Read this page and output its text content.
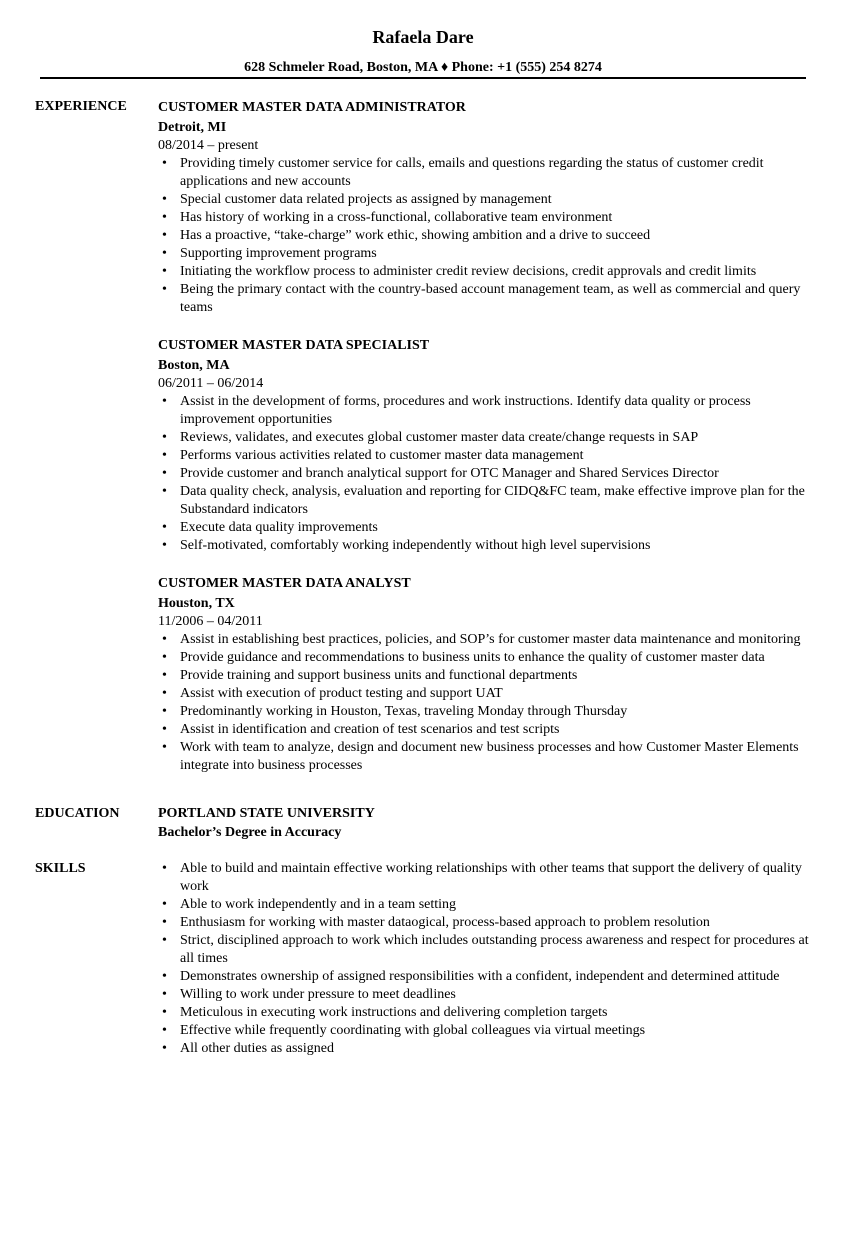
Rafaela Dare
628 Schmeler Road, Boston, MA ♦ Phone: +1 (555) 254 8274
EXPERIENCE	CUSTOMER MASTER DATA ADMINISTRATOR
Detroit, MI
08/2014 – present
• Providing timely customer service for calls, emails and questions regarding the status of customer credit applications and new accounts
• Special customer data related projects as assigned by management
• Has history of working in a cross-functional, collaborative team environment
• Has a proactive, “take-charge” work ethic, showing ambition and a drive to succeed
• Supporting improvement programs
• Initiating the workflow process to administer credit review decisions, credit approvals and credit limits
• Being the primary contact with the country-based account management team, as well as commercial and query teams
CUSTOMER MASTER DATA SPECIALIST
Boston, MA
06/2011 – 06/2014
• Assist in the development of forms, procedures and work instructions. Identify data quality or process improvement opportunities
• Reviews, validates, and executes global customer master data create/change requests in SAP
• Performs various activities related to customer master data management
• Provide customer and branch analytical support for OTC Manager and Shared Services Director
• Data quality check, analysis, evaluation and reporting for CIDQ&FC team, make effective improve plan for the Substandard indicators
• Execute data quality improvements
• Self-motivated, comfortably working independently without high level supervisions
CUSTOMER MASTER DATA ANALYST
Houston, TX
11/2006 – 04/2011
• Assist in establishing best practices, policies, and SOP’s for customer master data maintenance and monitoring
• Provide guidance and recommendations to business units to enhance the quality of customer master data
• Provide training and support business units and functional departments
• Assist with execution of product testing and support UAT
• Predominantly working in Houston, Texas, traveling Monday through Thursday
• Assist in identification and creation of test scenarios and test scripts
• Work with team to analyze, design and document new business processes and how Customer Master Elements integrate into business processes
EDUCATION	PORTLAND STATE UNIVERSITY
Bachelor’s Degree in Accuracy
SKILLS	• Able to build and maintain effective working relationships with other teams that support the delivery of quality work
• Able to work independently and in a team setting
• Enthusiasm for working with master dataogical, process-based approach to problem resolution
• Strict, disciplined approach to work which includes outstanding process awareness and respect for procedures at all times
• Demonstrates ownership of assigned responsibilities with a confident, independent and determined attitude
• Willing to work under pressure to meet deadlines
• Meticulous in executing work instructions and delivering completion targets
• Effective while frequently coordinating with global colleagues via virtual meetings
• All other duties as assigned
